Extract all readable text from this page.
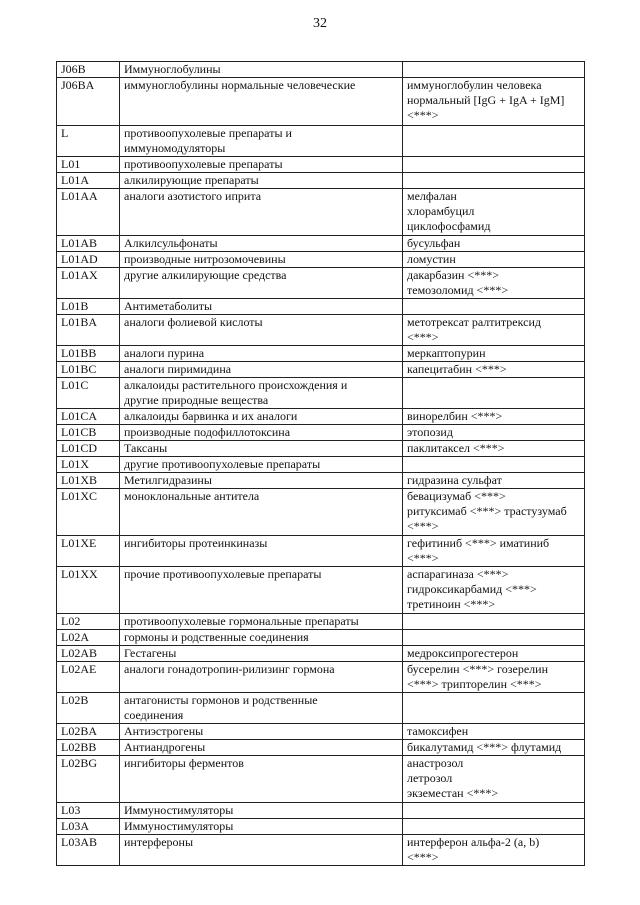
32
J06B	Иммуноглобулины	

J06BA	иммуноглобулины нормальные человеческие	иммуноглобулин человека
нормальный [IgG + IgA + IgM]
<***>

L	противоопухолевые препараты и
иммуномодуляторы	

L01	противоопухолевые препараты	

L01A	алкилирующие препараты	

L01AA	аналоги азотистого иприта	мелфалан
хлорамбуцил
циклофосфамид

L01AB	Алкилсульфонаты	бусульфан

L01AD	производные нитрозомочевины	ломустин

L01AX	другие алкилирующие средства	дакарбазин <***>
темозоломид <***>

L01B	Антиметаболиты	

L01BA	аналоги фолиевой кислоты	метотрексат ралтитрексид
<***>

L01BB	аналоги пурина	меркаптопурин

L01BC	аналоги пиримидина	капецитабин <***>

L01C	алкалоиды растительного происхождения и
другие природные вещества	

L01CA	алкалоиды барвинка и их аналоги	винорелбин <***>

L01CB	производные подофиллотоксина	этопозид

L01CD	Таксаны	паклитаксел <***>

L01X	другие противоопухолевые препараты	

L01XB	Метилгидразины	гидразина сульфат

L01XC	моноклональные антитела	бевацизумаб <***>
ритуксимаб <***> трастузумаб
<***>

L01XE	ингибиторы протеинкиназы	гефитиниб <***> иматиниб
<***>

L01XX	прочие противоопухолевые препараты	аспарагиназа <***>
гидроксикарбамид <***>
третиноин <***>

L02	противоопухолевые гормональные препараты	

L02A	гормоны и родственные соединения	

L02AB	Гестагены	медроксипрогестерон

L02AE	аналоги гонадотропин-рилизинг гормона	бусерелин <***> гозерелин
<***> трипторелин <***>

L02B	антагонисты гормонов и родственные
соединения	

L02BA	Антиэстрогены	тамоксифен

L02BB	Антиандрогены	бикалутамид <***> флутамид

L02BG	ингибиторы ферментов	анастрозол
летрозол
экземестан <***>

L03	Иммуностимуляторы	

L03A	Иммуностимуляторы	

L03AB	интерфероны	интерферон альфа-2 (a, b)
<***>
